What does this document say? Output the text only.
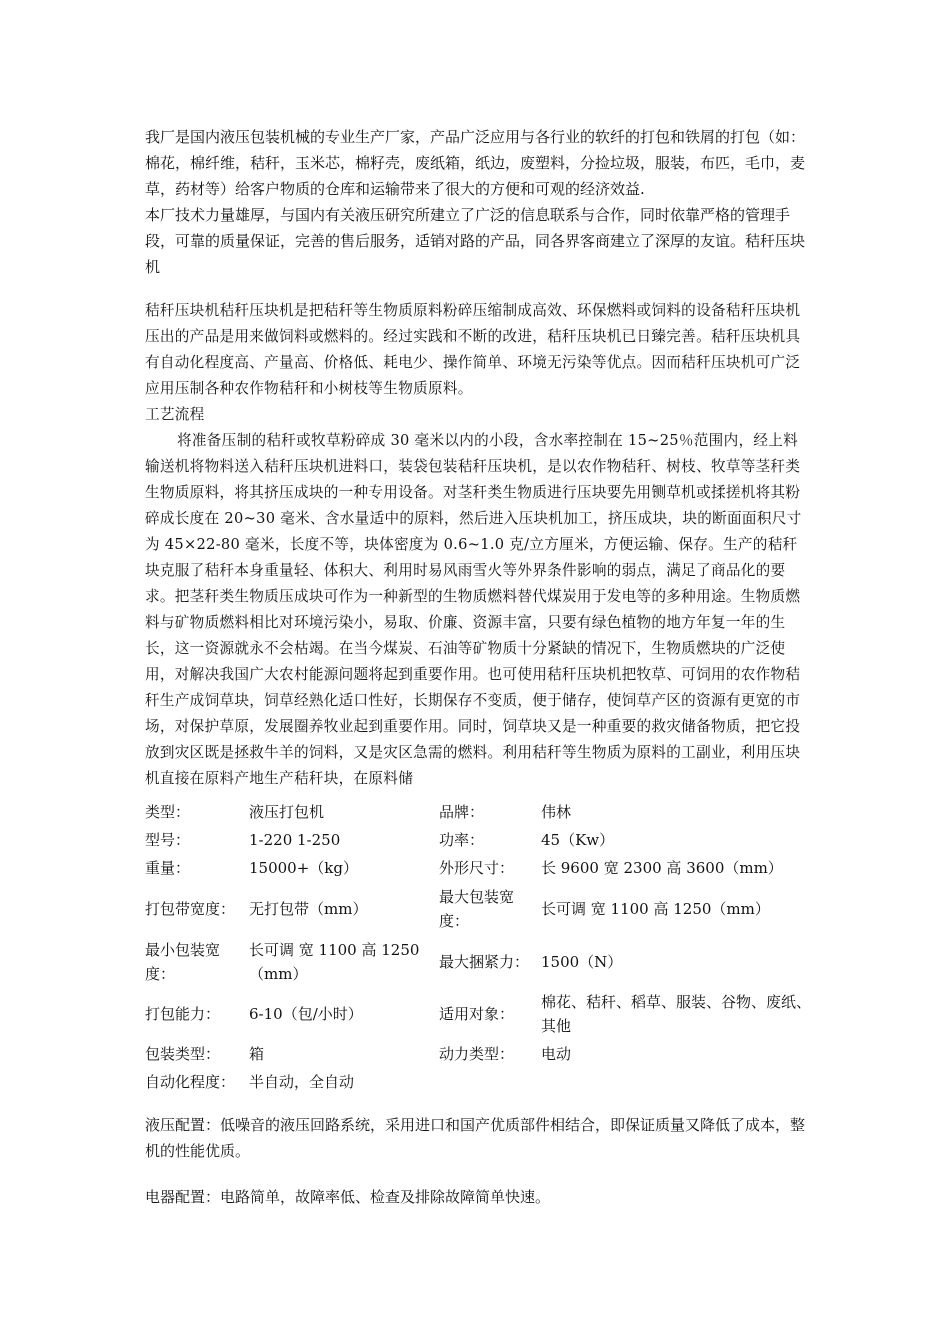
我厂是国内液压包装机械的专业生产厂家，产品广泛应用与各行业的软纤的打包和铁屑的打包（如：棉花，棉纤维，秸秆，玉米芯，棉籽壳，废纸箱，纸边，废塑料，分捡垃圾，服装，布匹，毛巾，麦草，药材等）给客户物质的仓库和运输带来了很大的方便和可观的经济效益.

本厂技术力量雄厚，与国内有关液压研究所建立了广泛的信息联系与合作，同时依靠严格的管理手段，可靠的质量保证，完善的售后服务，适销对路的产品，同各界客商建立了深厚的友谊。秸秆压块机

秸秆压块机秸秆压块机是把秸秆等生物质原料粉碎压缩制成高效、环保燃料或饲料的设备秸秆压块机压出的产品是用来做饲料或燃料的。经过实践和不断的改进，秸秆压块机已日臻完善。秸秆压块机具有自动化程度高、产量高、价格低、耗电少、操作简单、环境无污染等优点。因而秸秆压块机可广泛应用压制各种农作物秸秆和小树枝等生物质原料。

工艺流程

将准备压制的秸秆或牧草粉碎成 30 毫米以内的小段，含水率控制在 15~25％范围内，经上料输送机将物料送入秸秆压块机进料口，装袋包装秸秆压块机，是以农作物秸秆、树枝、牧草等茎秆类生物质原料，将其挤压成块的一种专用设备。对茎秆类生物质进行压块要先用铡草机或揉搓机将其粉碎成长度在 20~30 毫米、含水量适中的原料，然后进入压块机加工，挤压成块，块的断面面积尺寸为 45×22-80 毫米，长度不等，块体密度为 0.6~1.0 克/立方厘米，方便运输、保存。生产的秸秆块克服了秸秆本身重量轻、体积大、利用时易风雨雪火等外界条件影响的弱点，满足了商品化的要求。把茎秆类生物质压成块可作为一种新型的生物质燃料替代煤炭用于发电等的多种用途。生物质燃料与矿物质燃料相比对环境污染小，易取、价廉、资源丰富，只要有绿色植物的地方年复一年的生长，这一资源就永不会枯竭。在当今煤炭、石油等矿物质十分紧缺的情况下，生物质燃块的广泛使用，对解决我国广大农村能源问题将起到重要作用。也可使用秸秆压块机把牧草、可饲用的农作物秸秆生产成饲草块，饲草经熟化适口性好，长期保存不变质，便于储存，使饲草产区的资源有更宽的市场，对保护草原，发展圈养牧业起到重要作用。同时，饲草块又是一种重要的救灾储备物质，把它投放到灾区既是拯救牛羊的饲料，又是灾区急需的燃料。利用秸秆等生物质为原料的工副业，利用压块机直接在原料产地生产秸秆块，在原料储

类型：	液压打包机	品牌：	伟林
型号：	1-220 1-250	功率：	45（Kw）
重量：	15000+（kg）	外形尺寸：	长 9600 宽 2300 高 3600（mm）
打包带宽度：	无打包带（mm）	最大包装宽度：	长可调 宽 1100 高 1250（mm）
最小包装宽度：	长可调 宽 1100 高 1250（mm）	最大捆紧力：	1500（N）
打包能力：	6-10（包/小时）	适用对象：	棉花、秸秆、稻草、服装、谷物、废纸、其他
包装类型：	箱	动力类型：	电动
自动化程度：	半自动，全自动		

液压配置：低噪音的液压回路系统，采用进口和国产优质部件相结合，即保证质量又降低了成本，整机的性能优质。

电器配置：电路简单，故障率低、检查及排除故障简单快速。
